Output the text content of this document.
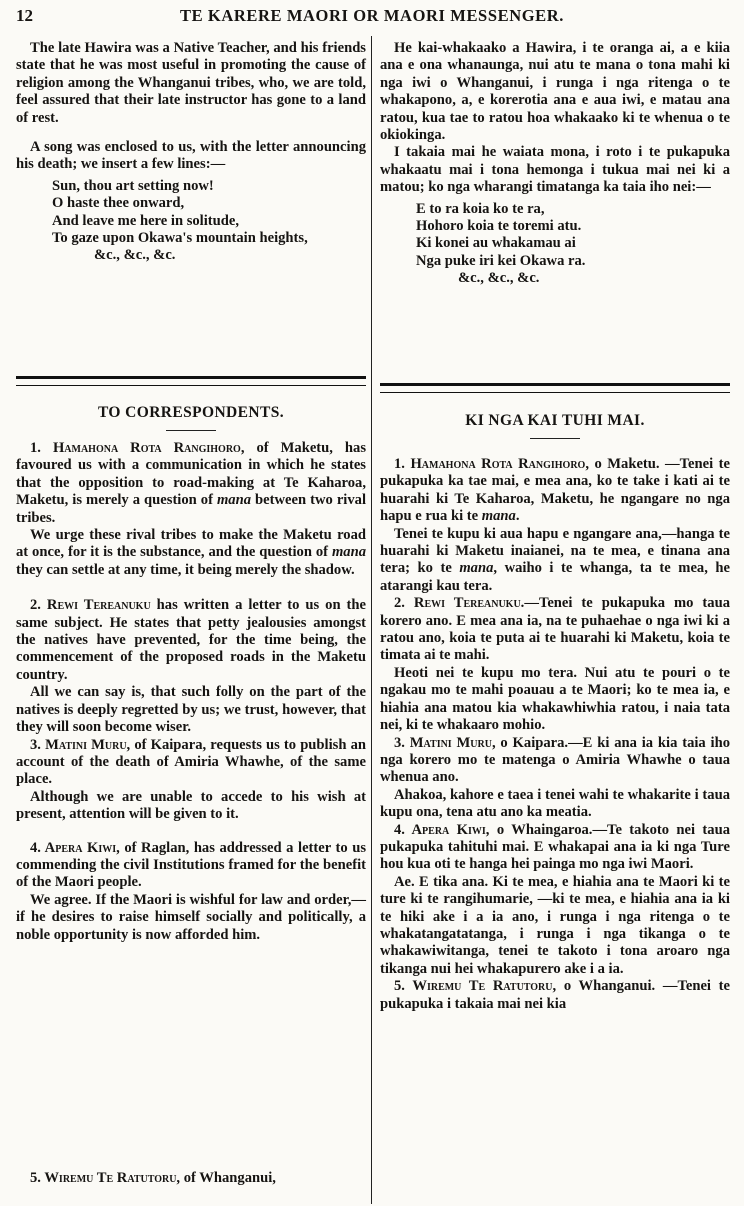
12	TE KARERE MAORI OR MAORI MESSENGER.

The late Hawira was a Native Teacher, and his friends state that he was most useful in promoting the cause of religion among the Whanganui tribes, who, we are told, feel assured that their late instructor has gone to a land of rest.

A song was enclosed to us, with the letter announcing his death; we insert a few lines:—

Sun, thou art setting now!
O haste thee onward,
And leave me here in solitude,
To gaze upon Okawa's mountain heights,
&c., &c., &c.

He kai-whakaako a Hawira, i te oranga ai, a e kiia ana e ona whanaunga, nui atu te mana o tona mahi ki nga iwi o Whanganui, i runga i nga ritenga o te whakapono, a, e korerotia ana e aua iwi, e matau ana ratou, kua tae to ratou hoa whakaako ki te whenua o te okiokinga.

I takaia mai he waiata mona, i roto i te pukapuka whakaatu mai i tona hemonga i tukua mai nei ki a matou; ko nga wharangi timatanga ka taia iho nei:—

E to ra koia ko te ra,
Hohoro koia te toremi atu.
Ki konei au whakamau ai
Nga puke iri kei Okawa ra.
&c., &c., &c.
TO CORRESPONDENTS.	KI NGA KAI TUHI MAI.

1. Hamahona Rota Rangihoro, of Maketu, has favoured us with a communication in which he states that the opposition to road-making at Te Kaharoa, Maketu, is merely a question of mana between two rival tribes.

We urge these rival tribes to make the Maketu road at once, for it is the substance, and the question of mana they can settle at any time, it being merely the shadow.

2. Rewi Tereanuku has written a letter to us on the same subject. He states that petty jealousies amongst the natives have prevented, for the time being, the commencement of the proposed roads in the Maketu country.

All we can say is, that such folly on the part of the natives is deeply regretted by us; we trust, however, that they will soon become wiser.

3. Matini Muru, of Kaipara, requests us to publish an account of the death of Amiria Whawhe, of the same place.

Although we are unable to accede to his wish at present, attention will be given to it.

4. Apera Kiwi, of Raglan, has addressed a letter to us commending the civil Institutions framed for the benefit of the Maori people.

We agree. If the Maori is wishful for law and order,—if he desires to raise himself socially and politically, a noble opportunity is now afforded him.

5. Wiremu Te Ratutoru, of Whanganui,

1. Hamahona Rota Rangihoro, o Maketu. —Tenei te pukapuka ka tae mai, e mea ana, ko te take i kati ai te huarahi ki Te Kaharoa, Maketu, he ngangare no nga hapu e rua ki te mana.

Tenei te kupu ki aua hapu e ngangare ana,—hanga te huarahi ki Maketu inaianei, na te mea, e tinana ana tera; ko te mana, waiho i te whanga, ta te mea, he atarangi kau tera.

2. Rewi Tereanuku.—Tenei te pukapuka mo taua korero ano. E mea ana ia, na te puhaehae o nga iwi ki a ratou ano, koia te puta ai te huarahi ki Maketu, koia te timata ai te mahi.

Heoti nei te kupu mo tera. Nui atu te pouri o te ngakau mo te mahi poauau a te Maori; ko te mea ia, e hiahia ana matou kia whakawhiwhia ratou, i naia tata nei, ki te whakaaro mohio.

3. Matini Muru, o Kaipara.—E ki ana ia kia taia iho nga korero mo te matenga o Amiria Whawhe o taua whenua ano.

Ahakoa, kahore e taea i tenei wahi te whakarite i taua kupu ona, tena atu ano ka meatia.

4. Apera Kiwi, o Whaingaroa.—Te takoto nei taua pukapuka tahituhi mai. E whakapai ana ia ki nga Ture hou kua oti te hanga hei painga mo nga iwi Maori.

Ae. E tika ana. Ki te mea, e hiahia ana te Maori ki te ture ki te rangihumarie, —ki te mea, e hiahia ana ia ki te hiki ake i a ia ano, i runga i nga ritenga o te whakatangatatanga, i runga i nga tikanga o te whakawiwitanga, tenei te takoto i tona aroaro nga tikanga nui hei whakapurero ake i a ia.

5. Wiremu Te Ratutoru, o Whanganui. —Tenei te pukapuka i takaia mai nei kia
